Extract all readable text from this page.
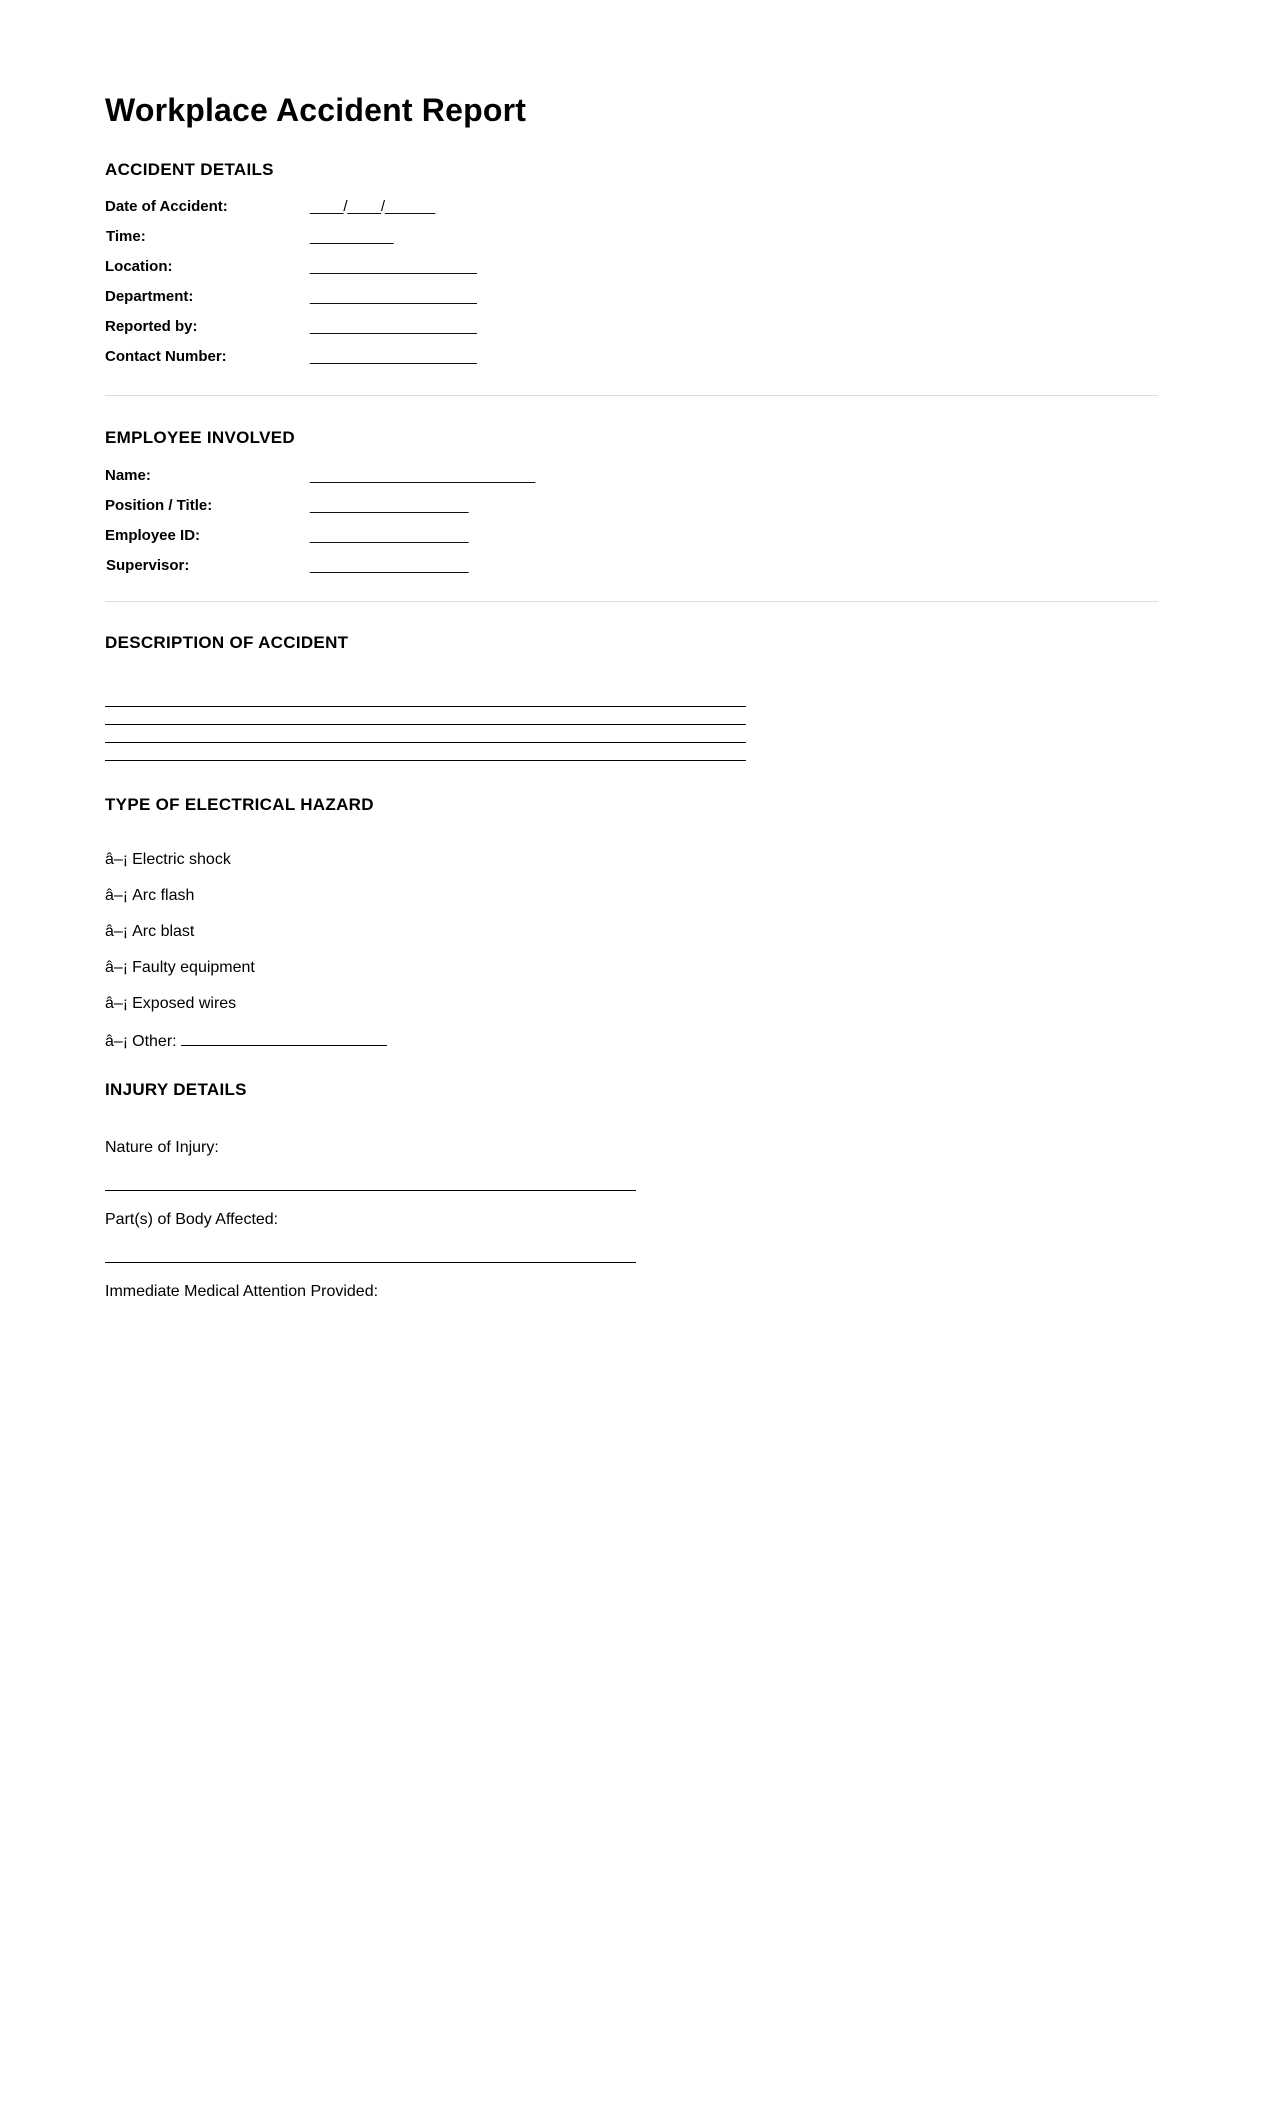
Workplace Accident Report
ACCIDENT DETAILS
Date of Accident:	____/____/______
Time:	__________
Location:	____________________
Department:	____________________
Reported by:	____________________
Contact Number:	____________________
EMPLOYEE INVOLVED
Name:	___________________________
Position / Title:	___________________
Employee ID:	___________________
Supervisor:	___________________
DESCRIPTION OF ACCIDENT
TYPE OF ELECTRICAL HAZARD
â–¡ Electric shock
â–¡ Arc flash
â–¡ Arc blast
â–¡ Faulty equipment
â–¡ Exposed wires
â–¡ Other:
INJURY DETAILS
Nature of Injury:
Part(s) of Body Affected:
Immediate Medical Attention Provided:
